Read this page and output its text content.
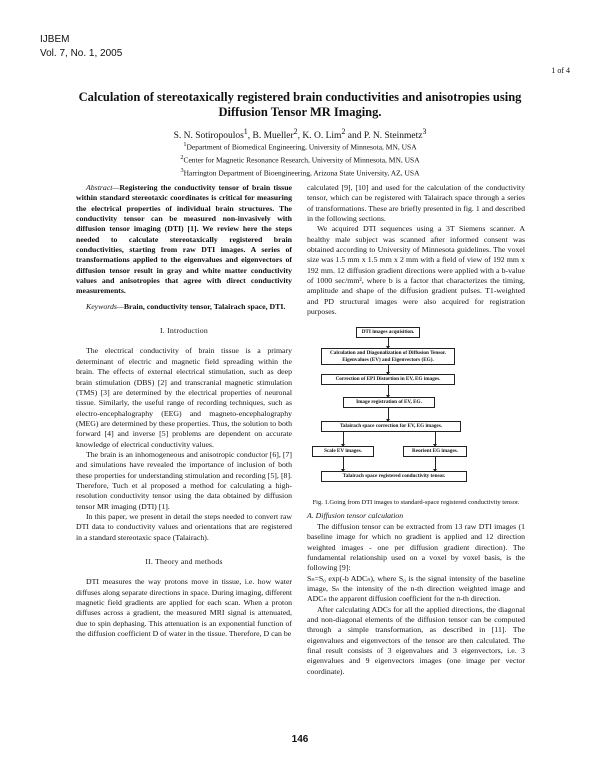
IJBEM
Vol. 7, No. 1, 2005
1 of 4
Calculation of stereotaxically registered brain conductivities and anisotropies using Diffusion Tensor MR Imaging.
S. N. Sotiropoulos$^1$, B. Mueller$^2$, K. O. Lim$^2$ and P. N. Steinmetz$^3$
$^1$Department of Biomedical Engineering, University of Minnesota, MN, USA
$^2$Center for Magnetic Resonance Research, University of Minnesota, MN, USA
$^3$Harrington Department of Bioengineering, Arizona State University, AZ, USA

Abstract—Registering the conductivity tensor of brain tissue within standard stereotaxic coordinates is critical for measuring the electrical properties of individual brain structures. The conductivity tensor can be measured non-invasively with diffusion tensor imaging (DTI) [1]. We review here the steps needed to calculate stereotaxically registered brain conductivities, starting from raw DTI images. A series of transformations applied to the eigenvalues and eigenvectors of diffusion tensor result in gray and white matter conductivity values and anisotropies that agree with direct conductivity measurements.

Keywords—Brain, conductivity tensor, Talairach space, DTI.

I. Introduction

The electrical conductivity of brain tissue is a primary determinant of electric and magnetic field spreading within the brain. The effects of external electrical stimulation, such as deep brain stimulation (DBS) [2] and transcranial magnetic stimulation (TMS) [3] are determined by the electrical properties of neuronal tissue. Similarly, the useful range of recording techniques, such as electro-encephalography (EEG) and magneto-encephalography (MEG) are determined by these properties. Thus, the solution to both forward [4] and inverse [5] problems are dependent on accurate knowledge of electrical conductivity values.

The brain is an inhomogeneous and anisotropic conductor [6], [7] and simulations have revealed the importance of inclusion of both these properties for understanding stimulation and recording [5], [8]. Therefore, Tuch et al proposed a method for calculating a high-resolution conductivity tensor using the data obtained by diffusion tensor MR imaging (DTI) [1].

In this paper, we present in detail the steps needed to convert raw DTI data to conductivity values and orientations that are registered in a standard stereotaxic space (Talairach).

II. Theory and methods

DTI measures the way protons move in tissue, i.e. how water diffuses along separate directions in space. During imaging, different magnetic field gradients are applied for each scan. When a proton diffuses across a gradient, the measured MRI signal is attenuated, due to spin dephasing. This attenuation is an exponential function of the diffusion coefficient D of water in the tissue. Therefore, D can be

calculated [9], [10] and used for the calculation of the conductivity tensor, which can be registered with Talairach space through a series of transformations. These are briefly presented in fig. 1 and described in the following sections.

We acquired DTI sequences using a 3T Siemens scanner. A healthy male subject was scanned after informed consent was obtained according to University of Minnesota guidelines. The voxel size was 1.5 mm x 1.5 mm x 2 mm with a field of view of 192 mm x 192 mm. 12 diffusion gradient directions were applied with a b-value of 1000 sec/mm², where b is a factor that characterizes the timing, amplitude and shape of the diffusion gradient pulses. T1-weighted and PD structural images were also acquired for registration purposes.

DTI images acquisition.
Calculation and Diagonalization of Diffusion Tensor. Eigenvalues (EV) and Eigenvectors (EG).
Correction of EPI Distortion in EV, EG images.
Image registration of EV, EG.
Talairach space correction for EV, EG images.
Scale EV images.	Reorient EG images.
Talairach space registered conductivity tensor.
Fig. 1.Going from DTI images to standard-space registered conductivity tensor.
A. Diffusion tensor calculation

The diffusion tensor can be extracted from 13 raw DTI images (1 baseline image for which no gradient is applied and 12 direction weighted images - one per diffusion gradient direction). The fundamental relationship used on a voxel by voxel basis, is the following [9]:

Sₙ=S₀ exp(-b ADCₙ), where S₀ is the signal intensity of the baseline image, Sₙ the intensity of the n-th direction weighted image and ADCₙ the apparent diffusion coefficient for the n-th direction.

After calculating ADCs for all the applied directions, the diagonal and non-diagonal elements of the diffusion tensor can be computed through a simple transformation, as described in [11]. The eigenvalues and eigenvectors of the tensor are then calculated. The final result consists of 3 eigenvalues and 3 eigenvectors, i.e. 3 eigenvalues and 9 eigenvectors images (one image per vector coordinate).

146
